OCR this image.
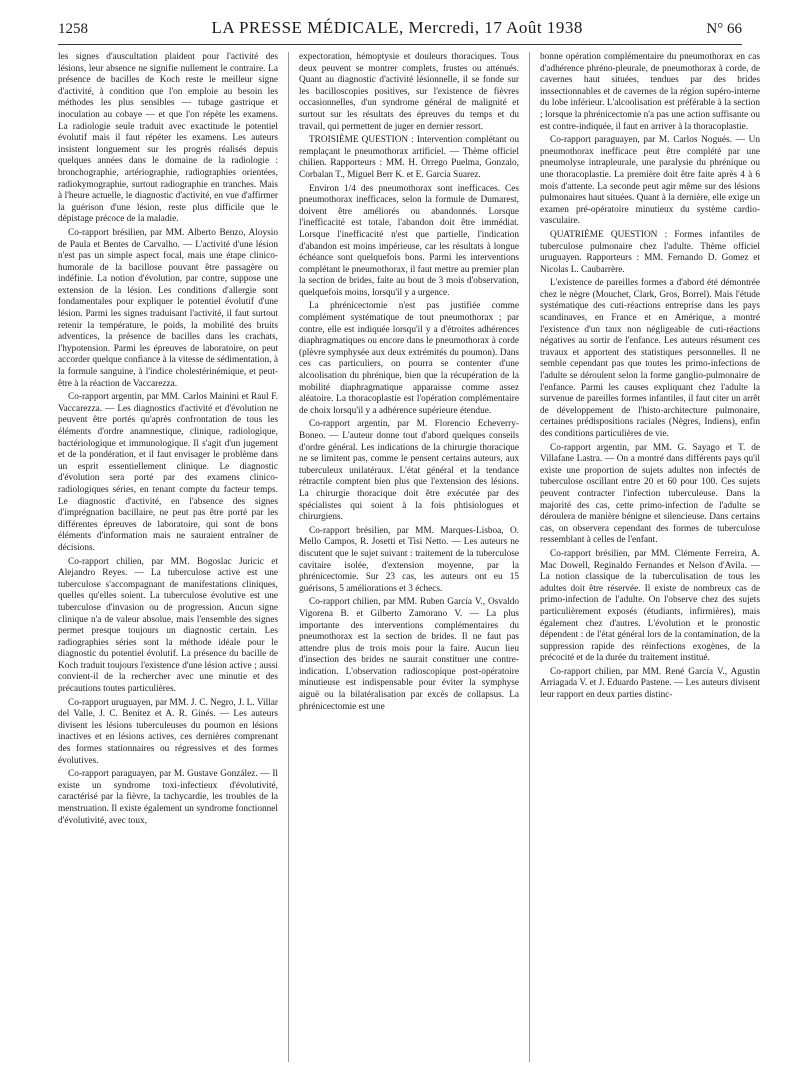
1258	LA PRESSE MÉDICALE, Mercredi, 17 Août 1938	N° 66

les signes d'auscultation plaident pour l'activité des lésions, leur absence ne signifie nullement le contraire. La présence de bacilles de Koch reste le meilleur signe d'activité, à condition que l'on emploie au besoin les méthodes les plus sensibles — tubage gastrique et inoculation au cobaye — et que l'on répète les examens. La radiologie seule traduit avec exactitude le potentiel évolutif mais il faut répéter les examens. Les auteurs insistent longuement sur les progrès réalisés depuis quelques années dans le domaine de la radiologie : bronchographie, artériographie, radiographies orientées, radiokymographie, surtout radiographie en tranches. Mais à l'heure actuelle, le diagnostic d'activité, en vue d'affirmer la guérison d'une lésion, reste plus difficile que le dépistage précoce de la maladie.

Co-rapport brésilien, par MM. Alberto Benzo, Aloysio de Paula et Bentes de Carvalho. — L'activité d'une lésion n'est pas un simple aspect focal, mais une étape clinico-humorale de la bacillose pouvant être passagère ou indéfinie. La notion d'évolution, par contre, suppose une extension de la lésion. Les conditions d'allergie sont fondamentales pour expliquer le potentiel évolutif d'une lésion. Parmi les signes traduisant l'activité, il faut surtout retenir la température, le poids, la mobilité des bruits adventices, la présence de bacilles dans les crachats, l'hypotension. Parmi les épreuves de laboratoire, on peut accorder quelque confiance à la vitesse de sédimentation, à la formule sanguine, à l'indice cholestérinémique, et peut-être à la réaction de Vaccarezza.

Co-rapport argentin, par MM. Carlos Mainini et Raul F. Vaccarezza. — Les diagnostics d'activité et d'évolution ne peuvent être portés qu'après confrontation de tous les éléments d'ordre anamnestique, clinique, radiologique, bactériologique et immunologique. Il s'agit d'un jugement et de la pondération, et il faut envisager le problème dans un esprit essentiellement clinique. Le diagnostic d'évolution sera porté par des examens clinico-radiologiques séries, en tenant compte du facteur temps. Le diagnostic d'activité, en l'absence des signes d'imprégnation bacillaire, ne peut pas être porté par les différentes épreuves de laboratoire, qui sont de bons éléments d'information mais ne sauraient entraîner de décisions.

Co-rapport chilien, par MM. Bogoslac Juricic et Alejandro Reyes. — La tuberculose active est une tuberculose s'accompagnant de manifestations cliniques, quelles qu'elles soient. La tuberculose évolutive est une tuberculose d'invasion ou de progression. Aucun signe clinique n'a de valeur absolue, mais l'ensemble des signes permet presque toujours un diagnostic certain. Les radiographies séries sont la méthode idéale pour le diagnostic du potentiel évolutif. La présence du bacille de Koch traduit toujours l'existence d'une lésion active ; aussi convient-il de la rechercher avec une minutie et des précautions toutes particulières.

Co-rapport uruguayen, par MM. J. C. Negro, J. L. Villar del Valle, J. C. Benitez et A. R. Ginés. — Les auteurs divisent les lésions tuberculeuses du poumon en lésions inactives et en lésions actives, ces dernières comprenant des formes stationnaires ou régressives et des formes évolutives.

Co-rapport paraguayen, par M. Gustave González. — Il existe un syndrome toxi-infectieux d'évolutivité, caractérisé par la fièvre, la tachycardie, les troubles de la menstruation. Il existe également un syndrome fonctionnel d'évolutivité, avec toux,

expectoration, hémoptysie et douleurs thoraciques. Tous deux peuvent se montrer complets, frustes ou atténués. Quant au diagnostic d'activité lésionnelle, il se fonde sur les bacilloscopies positives, sur l'existence de fièvres occasionnelles, d'un syndrome général de malignité et surtout sur les résultats des épreuves du temps et du travail, qui permettent de juger en dernier ressort.

TROISIÈME QUESTION : Intervention complétant ou remplaçant le pneumothorax artificiel. — Thème officiel chilien. Rapporteurs : MM. H. Orrego Puelma, Gonzalo, Corbalan T., Miguel Berr K. et E. García Suarez.

Environ 1/4 des pneumothorax sont inefficaces. Ces pneumothorax inefficaces, selon la formule de Dumarest, doivent être améliorés ou abandonnés. Lorsque l'inefficacité est totale, l'abandon doit être immédiat. Lorsque l'inefficacité n'est que partielle, l'indication d'abandon est moins impérieuse, car les résultats à longue échéance sont quelquefois bons. Parmi les interventions complétant le pneumothorax, il faut mettre au premier plan la section de brides, faite au bout de 3 mois d'observation, quelquefois moins, lorsqu'il y a urgence.

La phrénicectomie n'est pas justifiée comme complément systématique de tout pneumothorax ; par contre, elle est indiquée lorsqu'il y a d'étroites adhérences diaphragmatiques ou encore dans le pneumothorax à corde (plèvre symphysée aux deux extrémités du poumon). Dans ces cas particuliers, on pourra se contenter d'une alcoolisation du phrénique, bien que la récupération de la mobilité diaphragmatique apparaisse comme assez aléatoire. La thoracoplastie est l'opération complémentaire de choix lorsqu'il y a adhérence supérieure étendue.

Co-rapport argentin, par M. Florencio Echeverry-Boneo. — L'auteur donne tout d'abord quelques conseils d'ordre général. Les indications de la chirurgie thoracique ne se limitent pas, comme le pensent certains auteurs, aux tuberculeux unilatéraux. L'état général et la tendance rétractile comptent bien plus que l'extension des lésions. La chirurgie thoracique doit être exécutée par des spécialistes qui soient à la fois phtisiologues et chirurgiens.

Co-rapport brésilien, par MM. Marques-Lisboa, O. Mello Campos, R. Josetti et Tisi Netto. — Les auteurs ne discutent que le sujet suivant : traitement de la tuberculose cavitaire isolée, d'extension moyenne, par la phrénicectomie. Sur 23 cas, les auteurs ont eu 15 guérisons, 5 améliorations et 3 échecs.

Co-rapport chilien, par MM. Ruben García V., Osvaldo Vigorena B. et Gilberto Zamorano V. — La plus importante des interventions complémentaires du pneumothorax est la section de brides. Il ne faut pas attendre plus de trois mois pour la faire. Aucun lieu d'insection des brides ne saurait constituer une contre-indication. L'observation radioscopique post-opératoire minutieuse est indispensable pour éviter la symphyse aiguë ou la bilatéralisation par excès de collapsus. La phrénicectomie est une

bonne opération complémentaire du pneumothorax en cas d'adhérence phréno-pleurale, de pneumothorax à corde, de cavernes haut situées, tendues par des brides inssectionnables et de cavernes de la région supéro-interne du lobe inférieur. L'alcoolisation est préférable à la section ; lorsque la phrénicectomie n'a pas une action suffisante ou est contre-indiquée, il faut en arriver à la thoracoplastie.

Co-rapport paraguayen, par M. Carlos Nogués. — Un pneumothorax inefficace peut être complété par une pneumolyse intrapleurale, une paralysie du phrénique ou une thoracoplastie. La première doit être faite après 4 à 6 mois d'attente. La seconde peut agir même sur des lésions pulmonaires haut situées. Quant à la dernière, elle exige un examen pré-opératoire minutieux du système cardio-vasculaire.

QUATRIÈME QUESTION : Formes infantiles de tuberculose pulmonaire chez l'adulte. Thème officiel uruguayen. Rapporteurs : MM. Fernando D. Gomez et Nicolas L. Caubarrère.

L'existence de pareilles formes a d'abord été démontrée chez le nègre (Mouchet, Clark, Gros, Borrel). Mais l'étude systématique des cuti-réactions entreprise dans les pays scandinaves, en France et en Amérique, a montré l'existence d'un taux non négligeable de cuti-réactions négatives au sortir de l'enfance. Les auteurs résument ces travaux et apportent des statistiques personnelles. Il ne semble cependant pas que toutes les primo-infections de l'adulte se déroulent selon la forme ganglio-pulmonaire de l'enfance. Parmi les causes expliquant chez l'adulte la survenue de pareilles formes infantiles, il faut citer un arrêt de développement de l'histo-architecture pulmonaire, certaines prédispositions raciales (Nègres, Indiens), enfin des conditions particulières de vie.

Co-rapport argentin, par MM. G. Sayago et T. de Villafane Lastra. — On a montré dans différents pays qu'il existe une proportion de sujets adultes non infectés de tuberculose oscillant entre 20 et 60 pour 100. Ces sujets peuvent contracter l'infection tuberculeuse. Dans la majorité des cas, cette primo-infection de l'adulte se déroulera de manière bénigne et silencieuse. Dans certains cas, on observera cependant des formes de tuberculose ressemblant à celles de l'enfant.

Co-rapport brésilien, par MM. Clémente Ferreira, A. Mac Dowell, Reginaldo Fernandes et Nelson d'Avila. — La notion classique de la tuberculisation de tous les adultes doit être réservée. Il existe de nombreux cas de primo-infection de l'adulte. On l'observe chez des sujets particulièrement exposés (étudiants, infirmières), mais également chez d'autres. L'évolution et le pronostic dépendent : de l'état général lors de la contamination, de la suppression rapide des réinfections exogènes, de la précocité et de la durée du traitement institué.

Co-rapport chilien, par MM. René García V., Agustin Arriagada V. et J. Eduardo Pastene. — Les auteurs divisent leur rapport en deux parties distinc-
